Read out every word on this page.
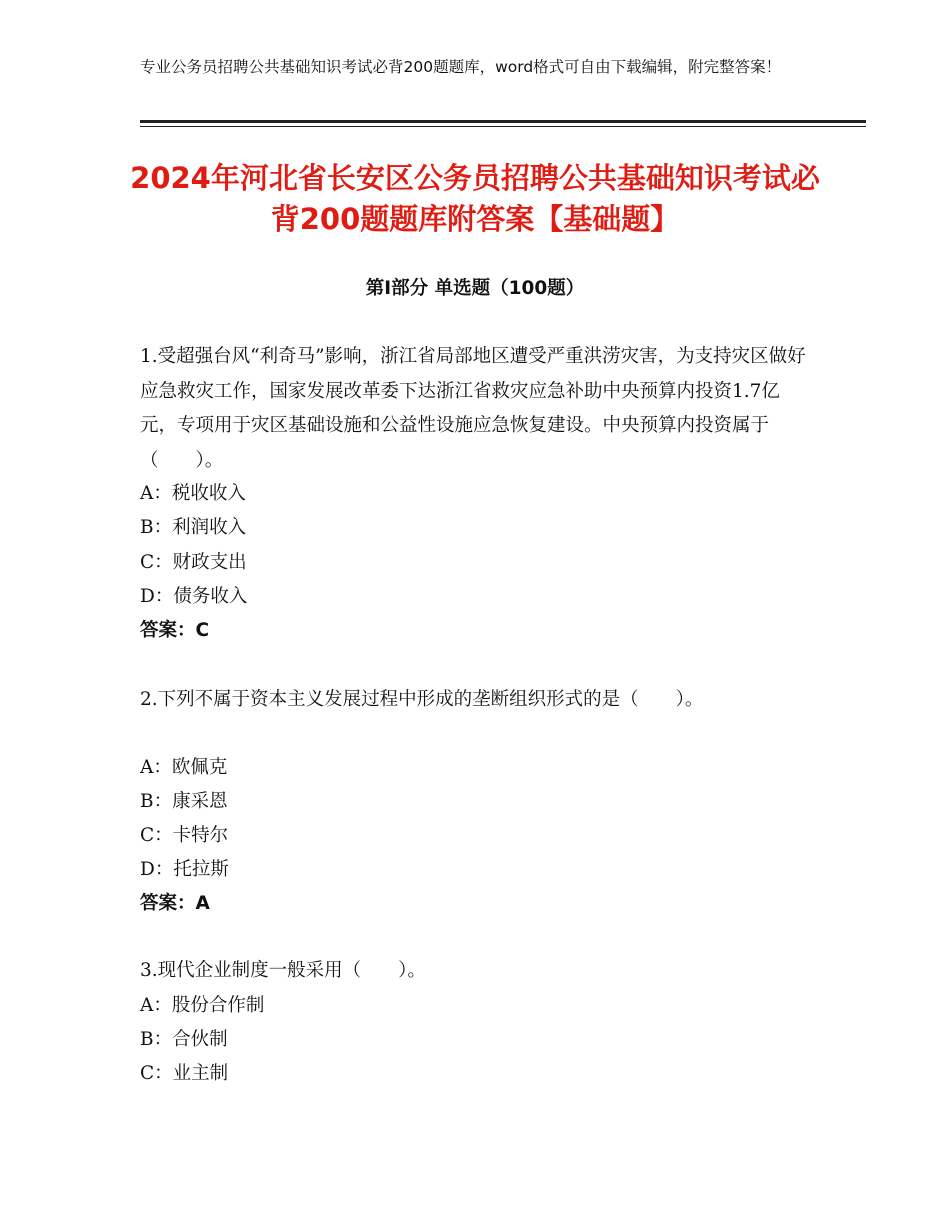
专业公务员招聘公共基础知识考试必背200题题库，word格式可自由下载编辑，附完整答案！
2024年河北省长安区公务员招聘公共基础知识考试必背200题题库附答案【基础题】
第I部分 单选题（100题）
1.受超强台风“利奇马”影响，浙江省局部地区遭受严重洪涝灾害，为支持灾区做好应急救灾工作，国家发展改革委下达浙江省救灾应急补助中央预算内投资1.7亿元，专项用于灾区基础设施和公益性设施应急恢复建设。中央预算内投资属于（　　）。
A：税收收入
B：利润收入
C：财政支出
D：债务收入
答案：C
2.下列不属于资本主义发展过程中形成的垄断组织形式的是（　　）。
A：欧佩克
B：康采恩
C：卡特尔
D：托拉斯
答案：A
3.现代企业制度一般采用（　　）。
A：股份合作制
B：合伙制
C：业主制
